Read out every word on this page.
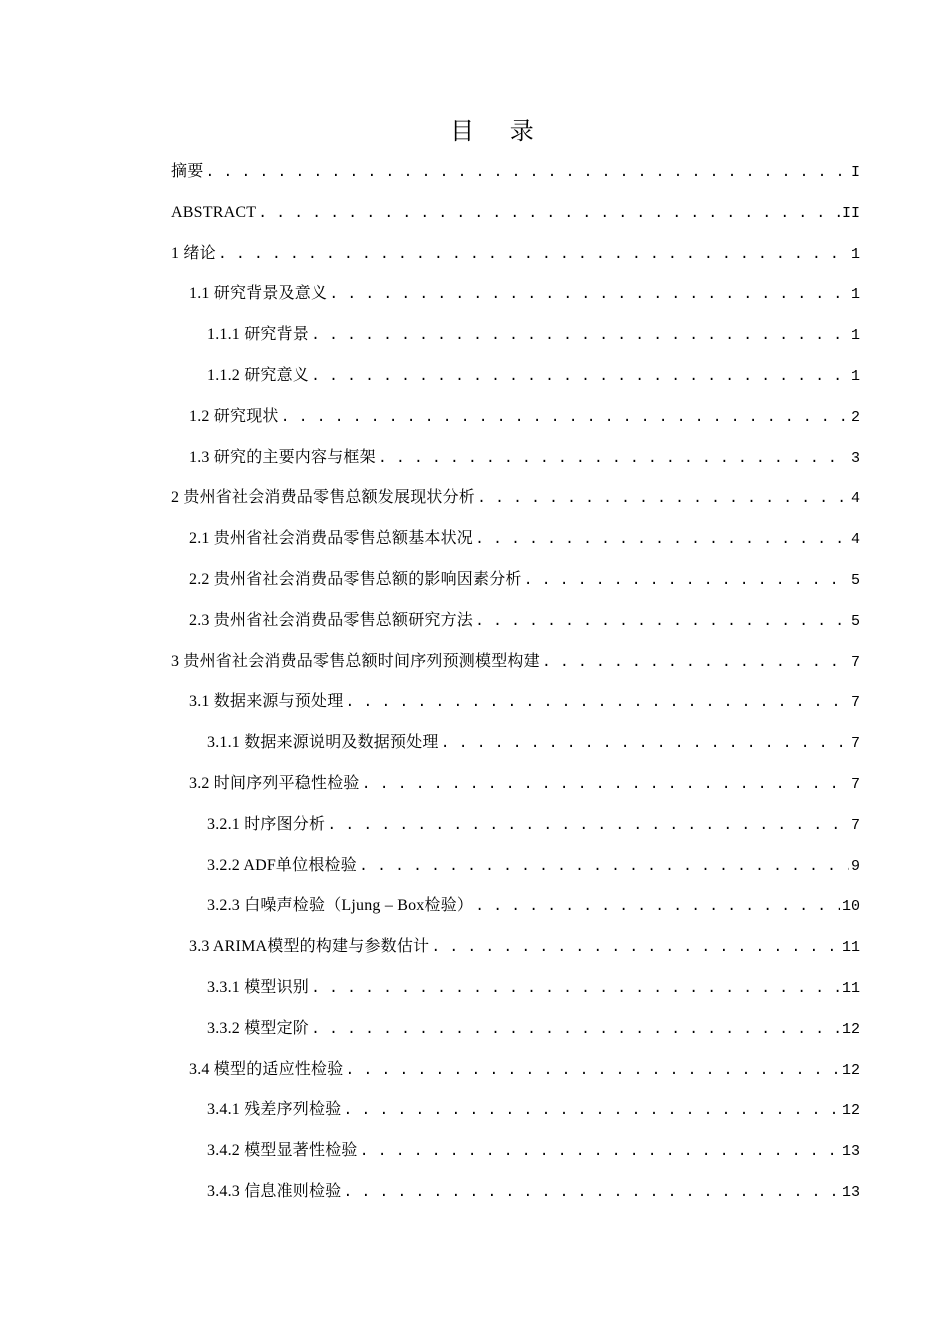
目 录
摘要 . . .	I
ABSTRACT . . .	II
1 绪论 . . .	1
1.1 研究背景及意义 . . .	1
1.1.1 研究背景 . . .	1
1.1.2 研究意义 . . .	1
1.2 研究现状 . . .	2
1.3 研究的主要内容与框架 . . .	3
2 贵州省社会消费品零售总额发展现状分析 . . .	4
2.1 贵州省社会消费品零售总额基本状况 . . .	4
2.2 贵州省社会消费品零售总额的影响因素分析 . . .	5
2.3 贵州省社会消费品零售总额研究方法 . . .	5
3 贵州省社会消费品零售总额时间序列预测模型构建 . . .	7
3.1 数据来源与预处理 . . .	7
3.1.1 数据来源说明及数据预处理 . . .	7
3.2 时间序列平稳性检验 . . .	7
3.2.1 时序图分析 . . .	7
3.2.2 ADF单位根检验 . . .	9
3.2.3 白噪声检验（Ljung – Box检验） . . .	10
3.3 ARIMA模型的构建与参数估计 . . .	11
3.3.1 模型识别 . . .	11
3.3.2 模型定阶 . . .	12
3.4 模型的适应性检验 . . .	12
3.4.1 残差序列检验 . . .	12
3.4.2 模型显著性检验 . . .	13
3.4.3 信息准则检验 . . .	13
